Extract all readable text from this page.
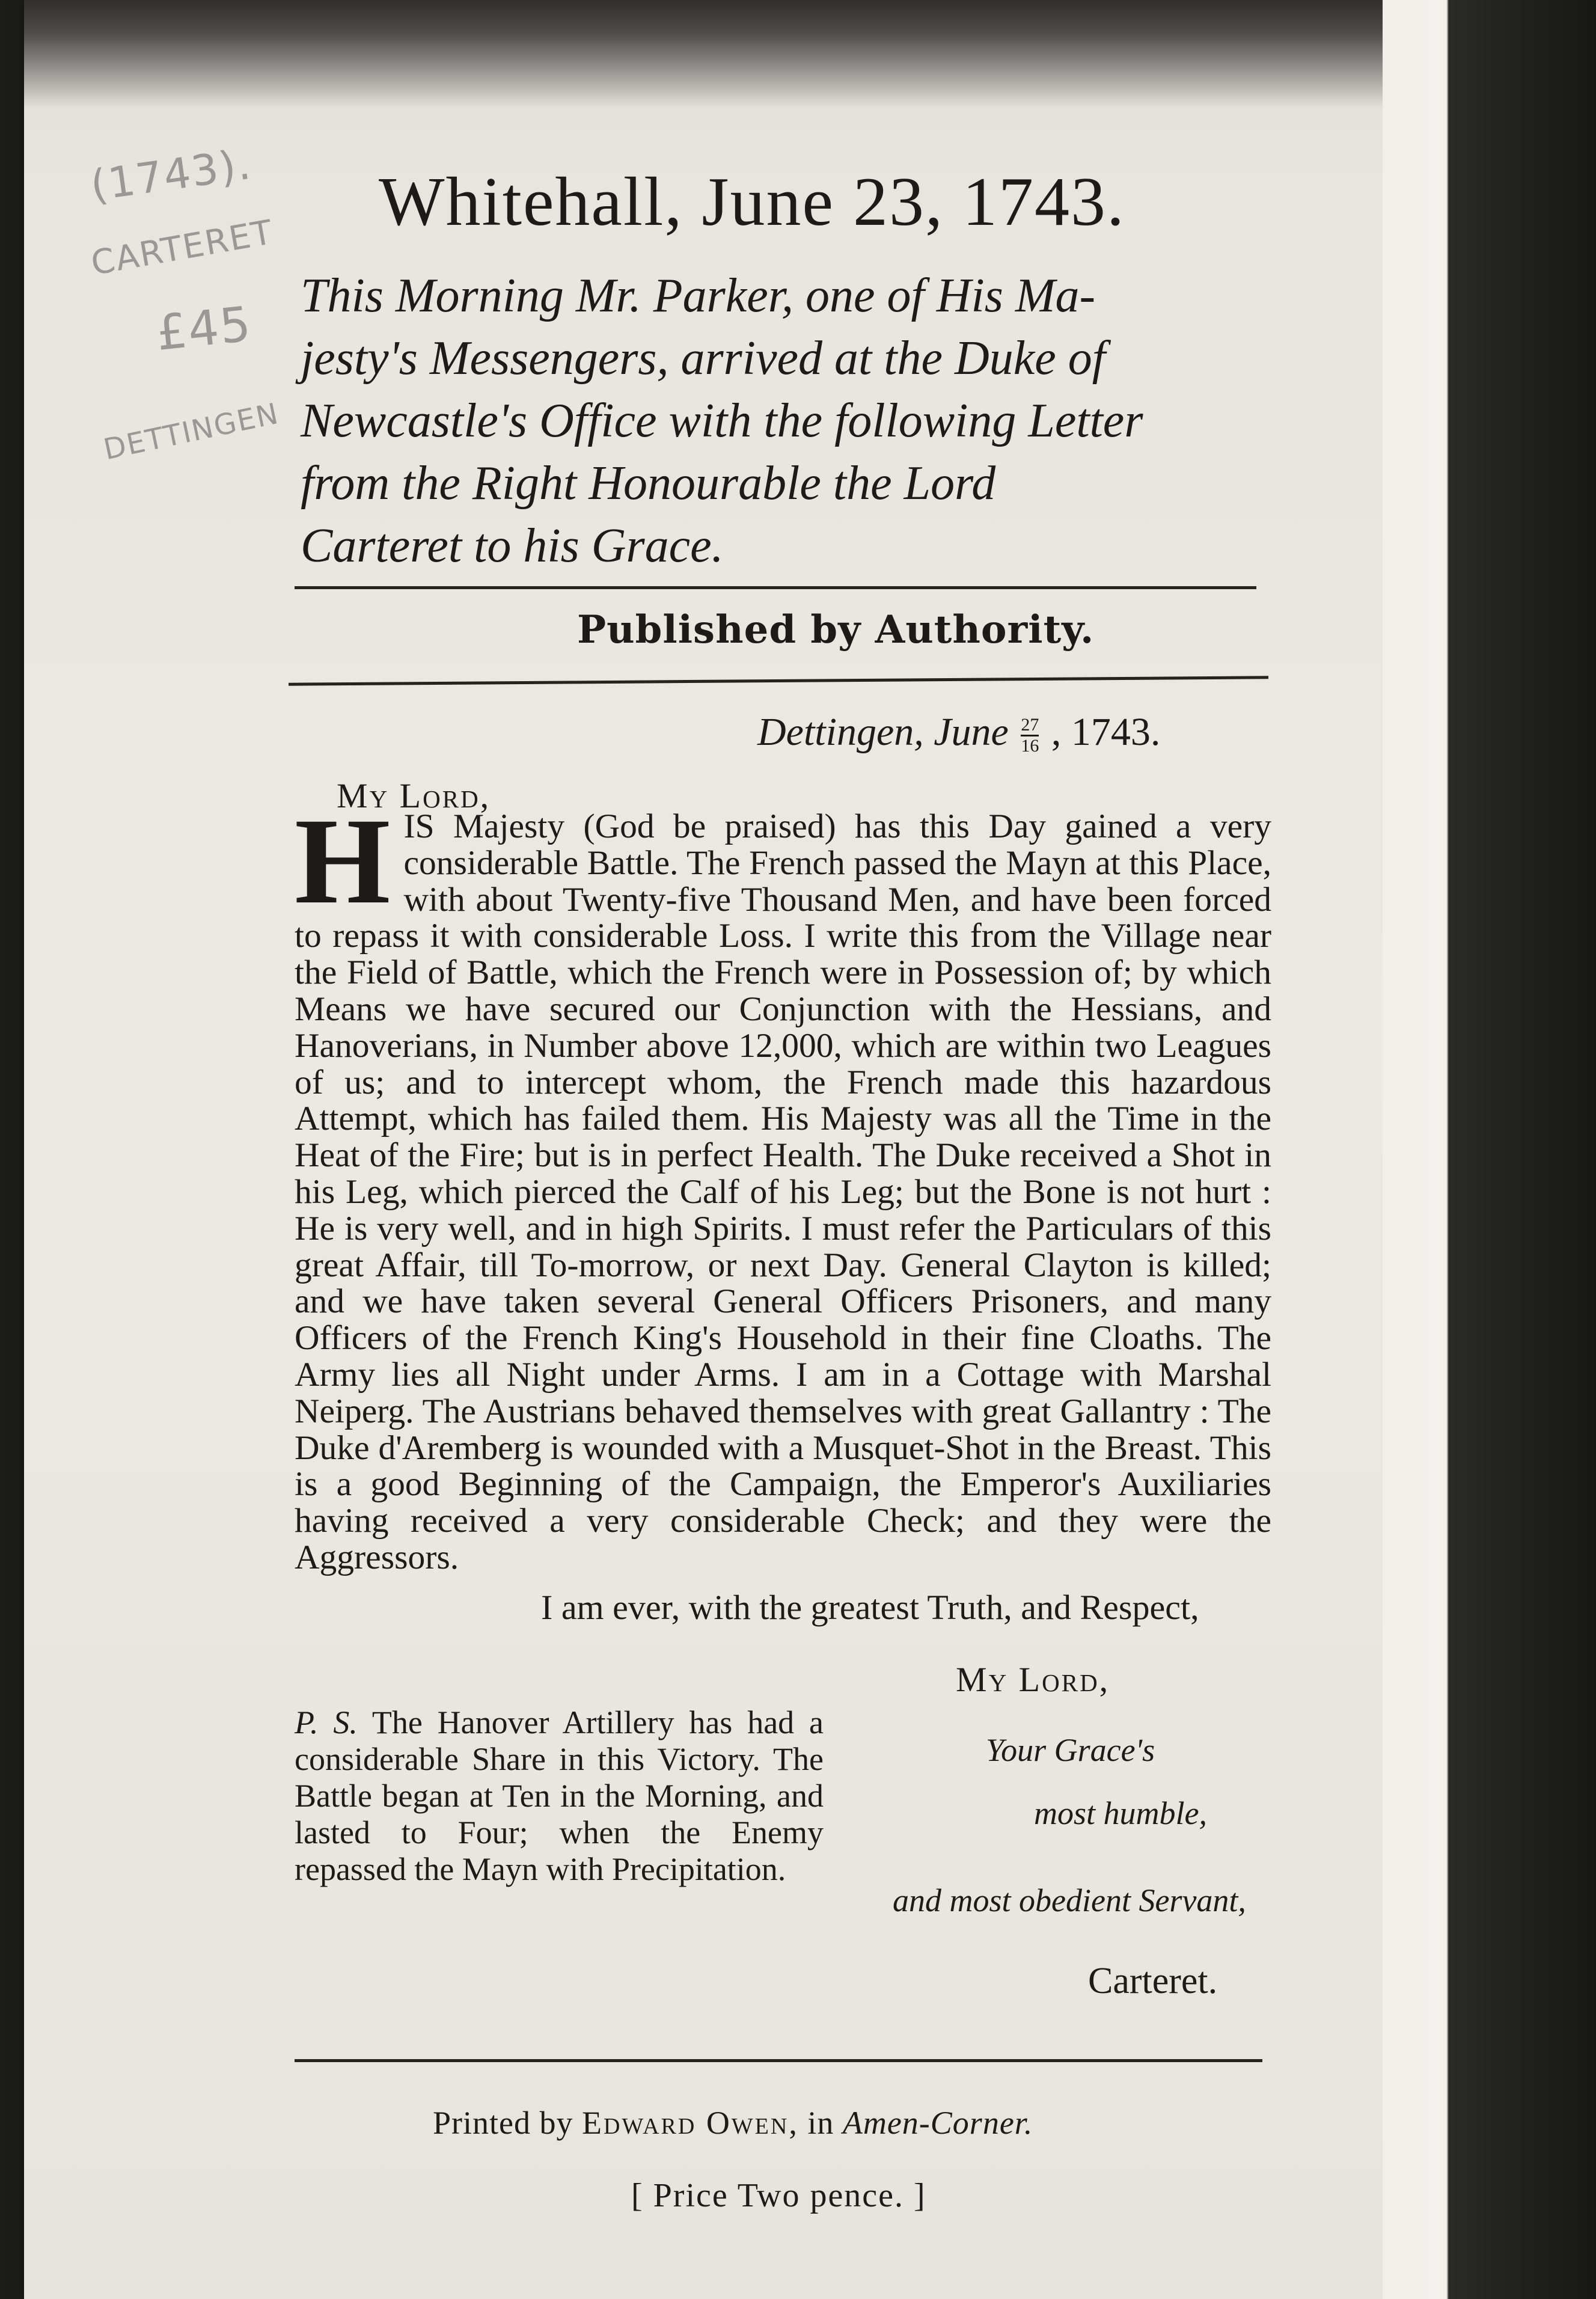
(1743).
CARTERET
£45
DETTINGEN
Whitehall, June 23, 1743.
This Morning Mr. Parker, one of His Ma-
jesty's Messengers, arrived at the Duke of
Newcastle's Office with the following Letter
from the Right Honourable the Lord
Carteret to his Grace.
Published by Authority.
Dettingen, June $\frac{27}{16}$ , 1743.
My Lord,
H IS Majesty (God be praised) has this Day gained a very considerable Battle. The French passed the Mayn at this Place, with about Twenty-five Thousand Men, and have been forced to repass it with considerable Loss. I write this from the Village near the Field of Battle, which the French were in Possession of; by which Means we have secured our Conjunction with the Hessians, and Hanoverians, in Number above 12,000, which are within two Leagues of us; and to intercept whom, the French made this hazardous Attempt, which has failed them. His Majesty was all the Time in the Heat of the Fire; but is in perfect Health. The Duke received a Shot in his Leg, which pierced the Calf of his Leg; but the Bone is not hurt : He is very well, and in high Spirits. I must refer the Particulars of this great Affair, till To-morrow, or next Day. General Clayton is killed; and we have taken several General Officers Prisoners, and many Officers of the French King's Household in their fine Cloaths. The Army lies all Night under Arms. I am in a Cottage with Marshal Neiperg. The Austrians behaved themselves with great Gallantry : The Duke d'Aremberg is wounded with a Musquet-Shot in the Breast. This is a good Beginning of the Campaign, the Emperor's Auxiliaries having received a very considerable Check; and they were the Aggressors.
I am ever, with the greatest Truth, and Respect,
P. S. The Hanover Artillery has had a considerable Share in this Victory. The Battle began at Ten in the Morning, and lasted to Four; when the Enemy repassed the Mayn with Precipitation.
My Lord,
Your Grace's
most humble,
and most obedient Servant,
Carteret.
Printed by Edward Owen, in Amen-Corner.
[ Price Two pence. ]
